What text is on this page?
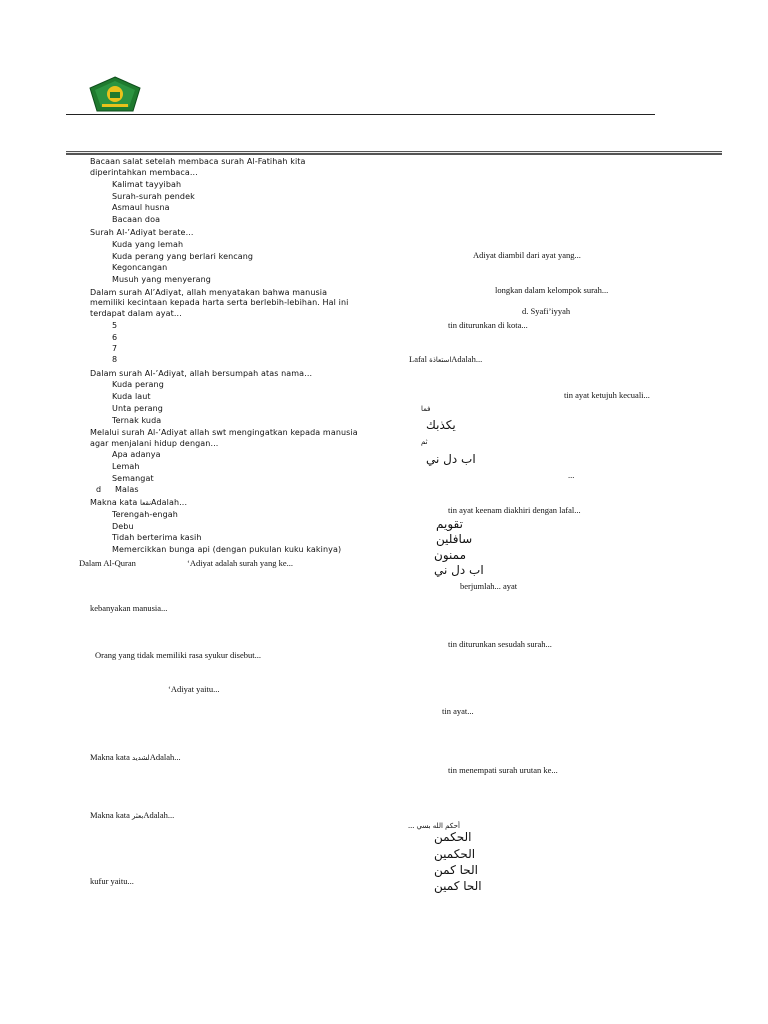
Bacaan salat setelah membaca surah Al-Fatihah kita
diperintahkan membaca...
Kalimat tayyibah
Surah-surah pendek
Asmaul husna
Bacaan doa
Surah Al-’Adiyat berate...
Kuda yang lemah
Kuda perang yang berlari kencang
Kegoncangan
Musuh yang menyerang
Dalam surah Al’Adiyat, allah menyatakan bahwa manusia
memiliki kecintaan kepada harta serta berlebih-lebihan. Hal ini
terdapat dalam ayat...
5
6
7
8
Dalam surah Al-’Adiyat, allah bersumpah atas nama...
Kuda perang
Kuda laut
Unta perang
Ternak kuda
Melalui surah Al-’Adiyat allah swt mengingatkan kepada manusia
agar menjalani hidup dengan...
Apa adanya
Lemah
Semangat
d Malas
Makna kata نقعاAdalah...
Terengah-engah
Debu
Tidah berterima kasih
Memercikkan bunga api (dengan pukulan kuku kakinya)
Dalam Al-Quran	‘Adiyat adalah surah yang ke...
kebanyakan manusia...
Orang yang tidak memiliki rasa syukur disebut...
‘Adiyat yaitu...
Makna kata لشديدAdalah...
Makna kata بعثرAdalah...
kufur yaitu...
Adiyat diambil dari ayat yang...
longkan dalam kelompok surah...
d. Syafi’iyyah
tin diturunkan di kota...
Lafal استعاذةAdalah...
tin ayat ketujuh kecuali...
فما
يكذبك
ثم
اب دل ني
...
tin ayat keenam diakhiri dengan lafal...
تقويم
سافلين
ممنون
اب دل ني
berjumlah... ayat
tin diturunkan sesudah surah...
tin ayat...
tin menempati surah urutan ke...
... أحكم الله بسي
الحكمن
الحكمين
الحا كمن
الحا كمين
